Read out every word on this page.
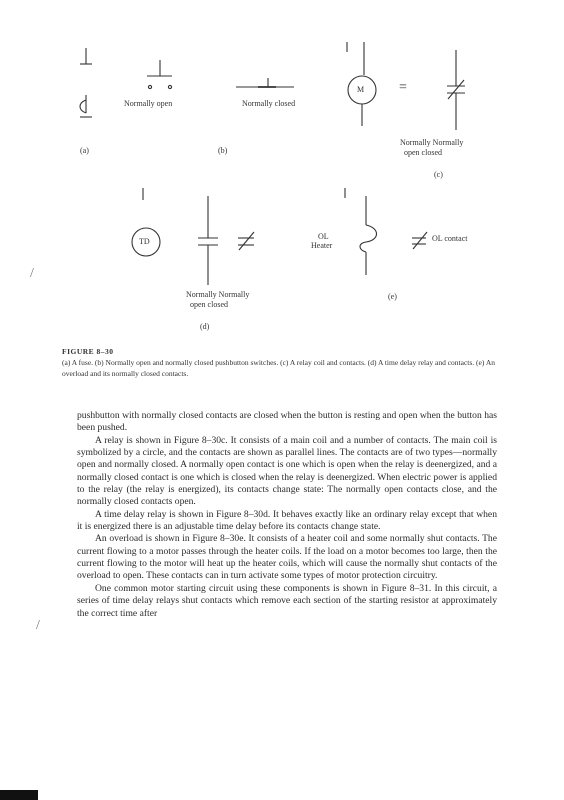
Normally open	Normally closed
M =
Normally Normally
open closed
TD
Normally Normally
open closed
OL
Heater
OL contact
(a)	(b)
(c)
(d)
(e)
FIGURE 8–30
(a) A fuse. (b) Normally open and normally closed pushbutton switches. (c) A relay coil and contacts. (d) A time delay relay and contacts. (e) An overload and its normally closed contacts.

pushbutton with normally closed contacts are closed when the button is resting and open when the button has been pushed.

A relay is shown in Figure 8–30c. It consists of a main coil and a number of contacts. The main coil is symbolized by a circle, and the contacts are shown as parallel lines. The contacts are of two types—normally open and normally closed. A normally open contact is one which is open when the relay is deenergized, and a normally closed contact is one which is closed when the relay is deenergized. When electric power is applied to the relay (the relay is energized), its contacts change state: The normally open contacts close, and the normally closed contacts open.

A time delay relay is shown in Figure 8–30d. It behaves exactly like an ordinary relay except that when it is energized there is an adjustable time delay before its contacts change state.

An overload is shown in Figure 8–30e. It consists of a heater coil and some normally shut contacts. The current flowing to a motor passes through the heater coils. If the load on a motor becomes too large, then the current flowing to the motor will heat up the heater coils, which will cause the normally shut contacts of the overload to open. These contacts can in turn activate some types of motor protection circuitry.

One common motor starting circuit using these components is shown in Figure 8–31. In this circuit, a series of time delay relays shut contacts which remove each section of the starting resistor at approximately the correct time after

/
/
